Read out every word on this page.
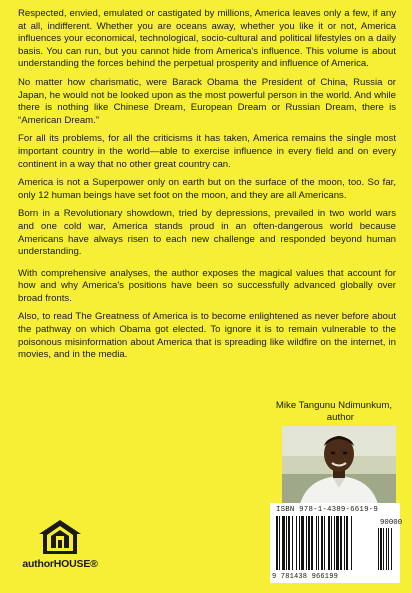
Respected, envied, emulated or castigated by millions, America leaves only a few, if any at all, indifferent. Whether you are oceans away, whether you like it or not, America influences your economical, technological, socio-cultural and political lifestyles on a daily basis. You can run, but you cannot hide from America's influence. This volume is about understanding the forces behind the perpetual prosperity and influence of America.

No matter how charismatic, were Barack Obama the President of China, Russia or Japan, he would not be looked upon as the most powerful person in the world. And while there is nothing like Chinese Dream, European Dream or Russian Dream, there is “American Dream.”

For all its problems, for all the criticisms it has taken, America remains the single most important country in the world—able to exercise influence in every field and on every continent in a way that no other great country can.

America is not a Superpower only on earth but on the surface of the moon, too. So far, only 12 human beings have set foot on the moon, and they are all Americans.

Born in a Revolutionary showdown, tried by depressions, prevailed in two world wars and one cold war, America stands proud in an often-dangerous world because Americans have always risen to each new challenge and responded beyond human understanding.

With comprehensive analyses, the author exposes the magical values that account for how and why America's positions have been so successfully advanced globally over broad fronts.

Also, to read The Greatness of America is to become enlightened as never before about the pathway on which Obama got elected. To ignore it is to remain vulnerable to the poisonous misinformation about America that is spreading like wildfire on the internet, in movies, and in the media.

Mike Tangunu Ndimunkum,
author
authorHOUSE®
ISBN 978-1-4389-6619-9
90000
9 781438 966199
